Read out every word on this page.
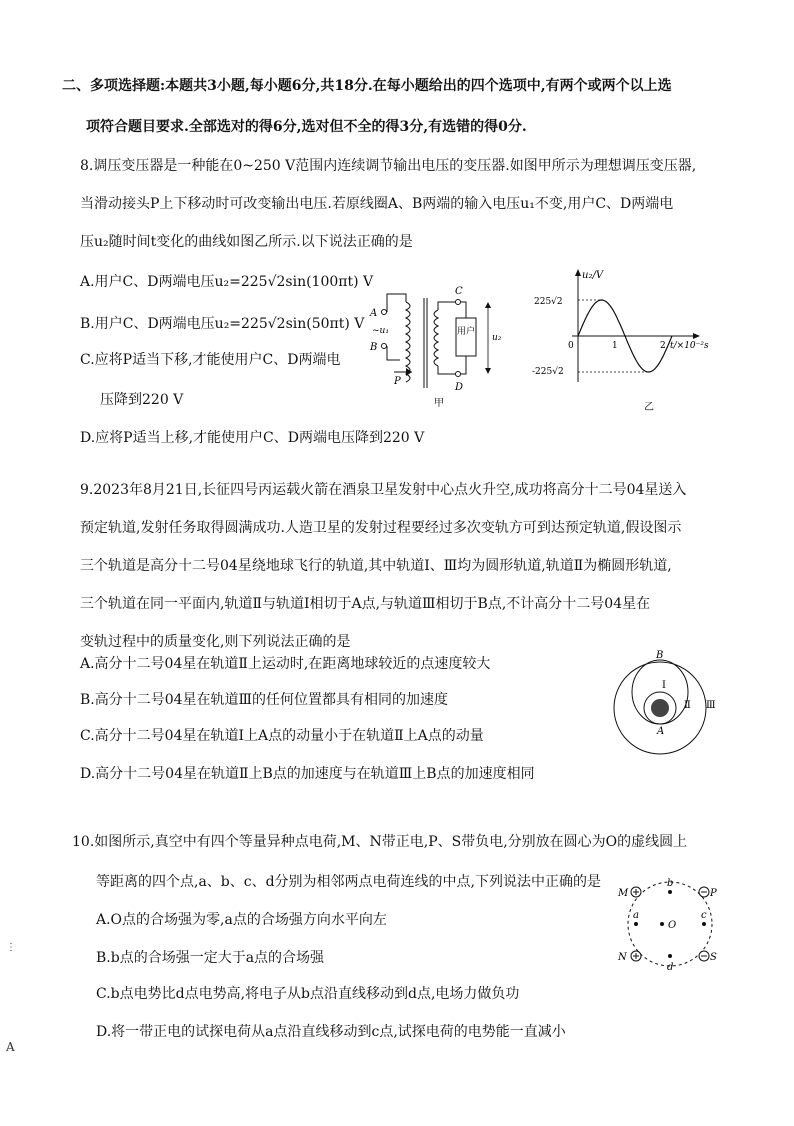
二、多项选择题:本题共3小题,每小题6分,共18分.在每小题给出的四个选项中,有两个或两个以上选
项符合题目要求.全部选对的得6分,选对但不全的得3分,有选错的得0分.
8.调压变压器是一种能在0~250 V范围内连续调节输出电压的变压器.如图甲所示为理想调压变压器,
当滑动接头P上下移动时可改变输出电压.若原线圈A、B两端的输入电压u₁不变,用户C、D两端电
压u₂随时间t变化的曲线如图乙所示.以下说法正确的是
A.用户C、D两端电压u₂=225√2sin(100πt) V
B.用户C、D两端电压u₂=225√2sin(50πt) V
C.应将P适当下移,才能使用户C、D两端电
压降到220 V
D.应将P适当上移,才能使用户C、D两端电压降到220 V
A
B
~u₁
P
C
D
用户
u₂
甲
u₂/V
225√2
-225√2
0	1	2 t/×10⁻²s
乙
9.2023年8月21日,长征四号丙运载火箭在酒泉卫星发射中心点火升空,成功将高分十二号04星送入
预定轨道,发射任务取得圆满成功.人造卫星的发射过程要经过多次变轨方可到达预定轨道,假设图示
三个轨道是高分十二号04星绕地球飞行的轨道,其中轨道Ⅰ、Ⅲ均为圆形轨道,轨道Ⅱ为椭圆形轨道,
三个轨道在同一平面内,轨道Ⅱ与轨道Ⅰ相切于A点,与轨道Ⅲ相切于B点,不计高分十二号04星在
变轨过程中的质量变化,则下列说法正确的是
A.高分十二号04星在轨道Ⅱ上运动时,在距离地球较近的点速度较大
B.高分十二号04星在轨道Ⅲ的任何位置都具有相同的加速度
C.高分十二号04星在轨道Ⅰ上A点的动量小于在轨道Ⅱ上A点的动量
D.高分十二号04星在轨道Ⅱ上B点的加速度与在轨道Ⅲ上B点的加速度相同
B
A
Ⅰ
Ⅱ Ⅲ
10.如图所示,真空中有四个等量异种点电荷,M、N带正电,P、S带负电,分别放在圆心为O的虚线圆上
等距离的四个点,a、b、c、d分别为相邻两点电荷连线的中点,下列说法中正确的是
A.O点的合场强为零,a点的合场强方向水平向左
B.b点的合场强一定大于a点的合场强
C.b点电势比d点电势高,将电子从b点沿直线移动到d点,电场力做负功
D.将一带正电的试探电荷从a点沿直线移动到c点,试探电荷的电势能一直减小
M	P
N	S
b
d
a	c
O
⋮
A
